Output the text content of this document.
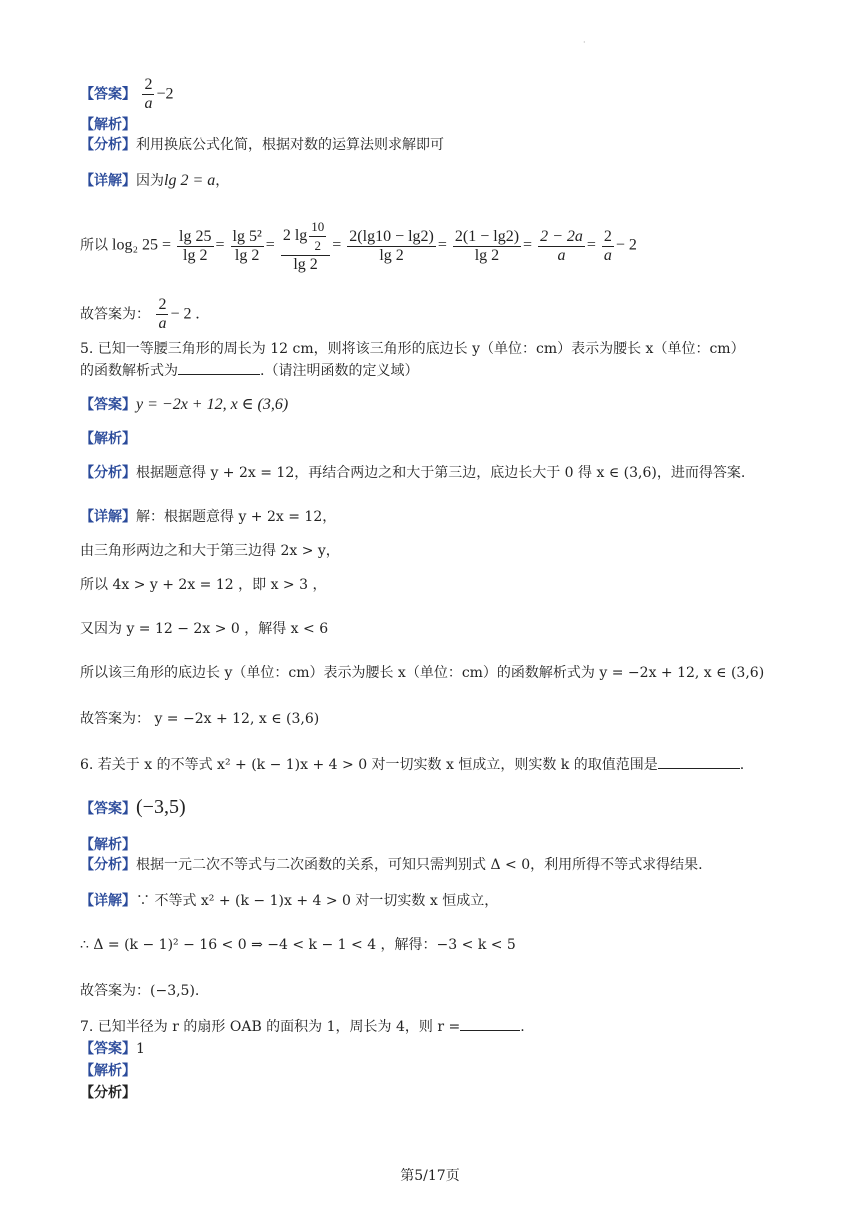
·
【答案】 $\frac{2}{a} -2$
【解析】
【分析】利用换底公式化简，根据对数的运算法则求解即可
【详解】因为lg 2 = a，
所以 log₂ $25 = \frac{\lg 25}{\lg 2} = \frac{\text{lg 5²}}{\lg 2} = \frac{2 \lg \frac{10}{2}}{\lg 2} = \frac{2(\lg 10 - \lg 2)}{\lg 2} = \frac{2(1 - \lg 2)}{\lg 2} = \frac{2 - 2a}{a} = \frac{2}{a} - 2$
故答案为： $\frac{2}{a} - 2$ .
5. 已知一等腰三角形的周长为 12 cm，则将该三角形的底边长 y（单位：cm）表示为腰长 x（单位：cm）
的函数解析式为	.（请注明函数的定义域）
【答案】y = −2x + 12, x ∈ (3,6)
【解析】
【分析】根据题意得 y + 2x = 12，再结合两边之和大于第三边，底边长大于 0 得 x ∈ (3,6)，进而得答案.
【详解】解：根据题意得 y + 2x = 12，
由三角形两边之和大于第三边得 2x > y，
所以 4x > y + 2x = 12 ，即 x > 3 ，
又因为 y = 12 − 2x > 0 ，解得 x < 6
所以该三角形的底边长 y（单位：cm）表示为腰长 x（单位：cm）的函数解析式为 y = −2x + 12, x ∈ (3,6)
故答案为： y = −2x + 12, x ∈ (3,6)
6. 若关于 x 的不等式 x² + (k − 1)x + 4 > 0 对一切实数 x 恒成立，则实数 k 的取值范围是	.
【答案】(−3,5)
【解析】
【分析】根据一元二次不等式与二次函数的关系，可知只需判别式 Δ < 0，利用所得不等式求得结果.
【详解】∵ 不等式 x² + (k − 1)x + 4 > 0 对一切实数 x 恒成立，
∴ Δ = (k − 1)² − 16 < 0 ⇒ −4 < k − 1 < 4 ，解得：−3 < k < 5
故答案为：(−3,5).
7. 已知半径为 r 的扇形 OAB 的面积为 1，周长为 4，则 r =	.
【答案】1
【解析】
【分析】
第5/17页
